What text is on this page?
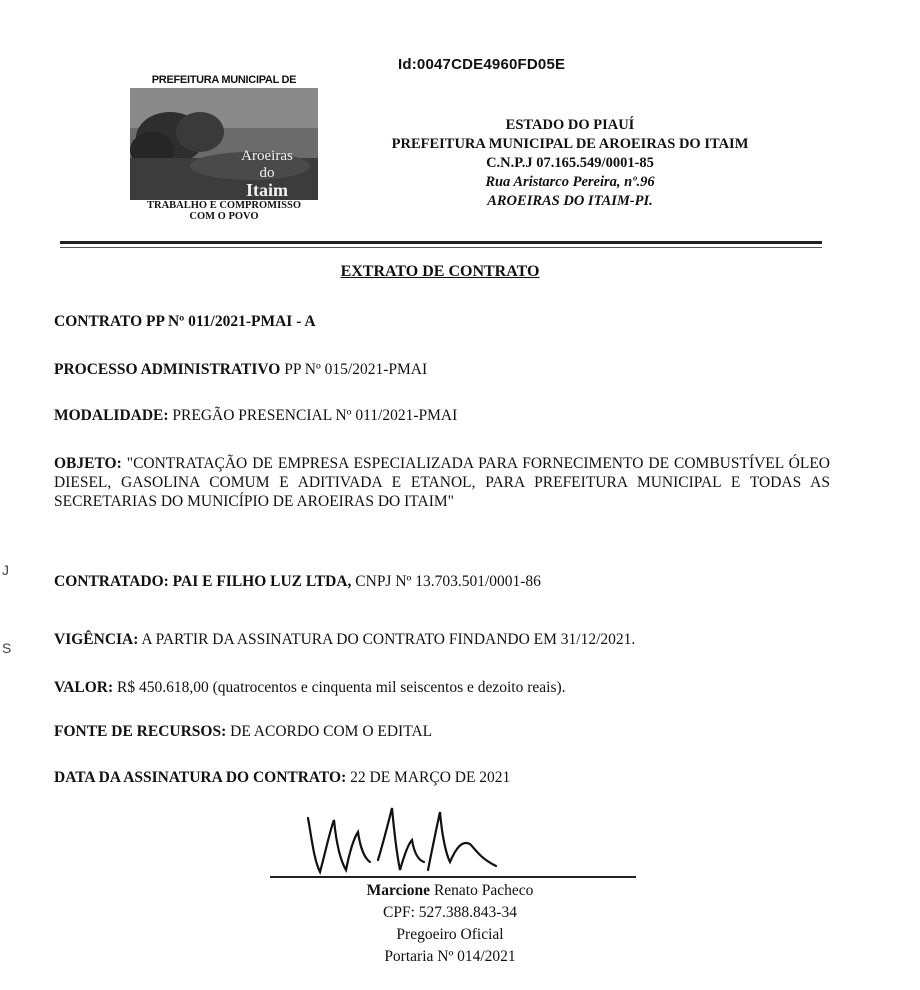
Id:0047CDE4960FD05E
PREFEITURA MUNICIPAL DE
Aroeiras
do
Itaim
TRABALHO E COMPROMISSO
COM O POVO
ESTADO DO PIAUÍ
PREFEITURA MUNICIPAL DE AROEIRAS DO ITAIM
C.N.P.J 07.165.549/0001-85
Rua Aristarco Pereira, nº.96
AROEIRAS DO ITAIM-PI.
EXTRATO DE CONTRATO
CONTRATO PP Nº 011/2021-PMAI - A
PROCESSO ADMINISTRATIVO PP Nº 015/2021-PMAI
MODALIDADE: PREGÃO PRESENCIAL Nº 011/2021-PMAI
OBJETO: "CONTRATAÇÃO DE EMPRESA ESPECIALIZADA PARA FORNECIMENTO DE COMBUSTÍVEL ÓLEO DIESEL, GASOLINA COMUM E ADITIVADA E ETANOL, PARA PREFEITURA MUNICIPAL E TODAS AS SECRETARIAS DO MUNICÍPIO DE AROEIRAS DO ITAIM"
CONTRATADO: PAI E FILHO LUZ LTDA, CNPJ Nº 13.703.501/0001-86
VIGÊNCIA: A PARTIR DA ASSINATURA DO CONTRATO FINDANDO EM 31/12/2021.
VALOR: R$ 450.618,00 (quatrocentos e cinquenta mil seiscentos e dezoito reais).
FONTE DE RECURSOS: DE ACORDO COM O EDITAL
DATA DA ASSINATURA DO CONTRATO: 22 DE MARÇO DE 2021
Marcione Renato Pacheco
CPF: 527.388.843-34
Pregoeiro Oficial
Portaria Nº 014/2021
J
S
